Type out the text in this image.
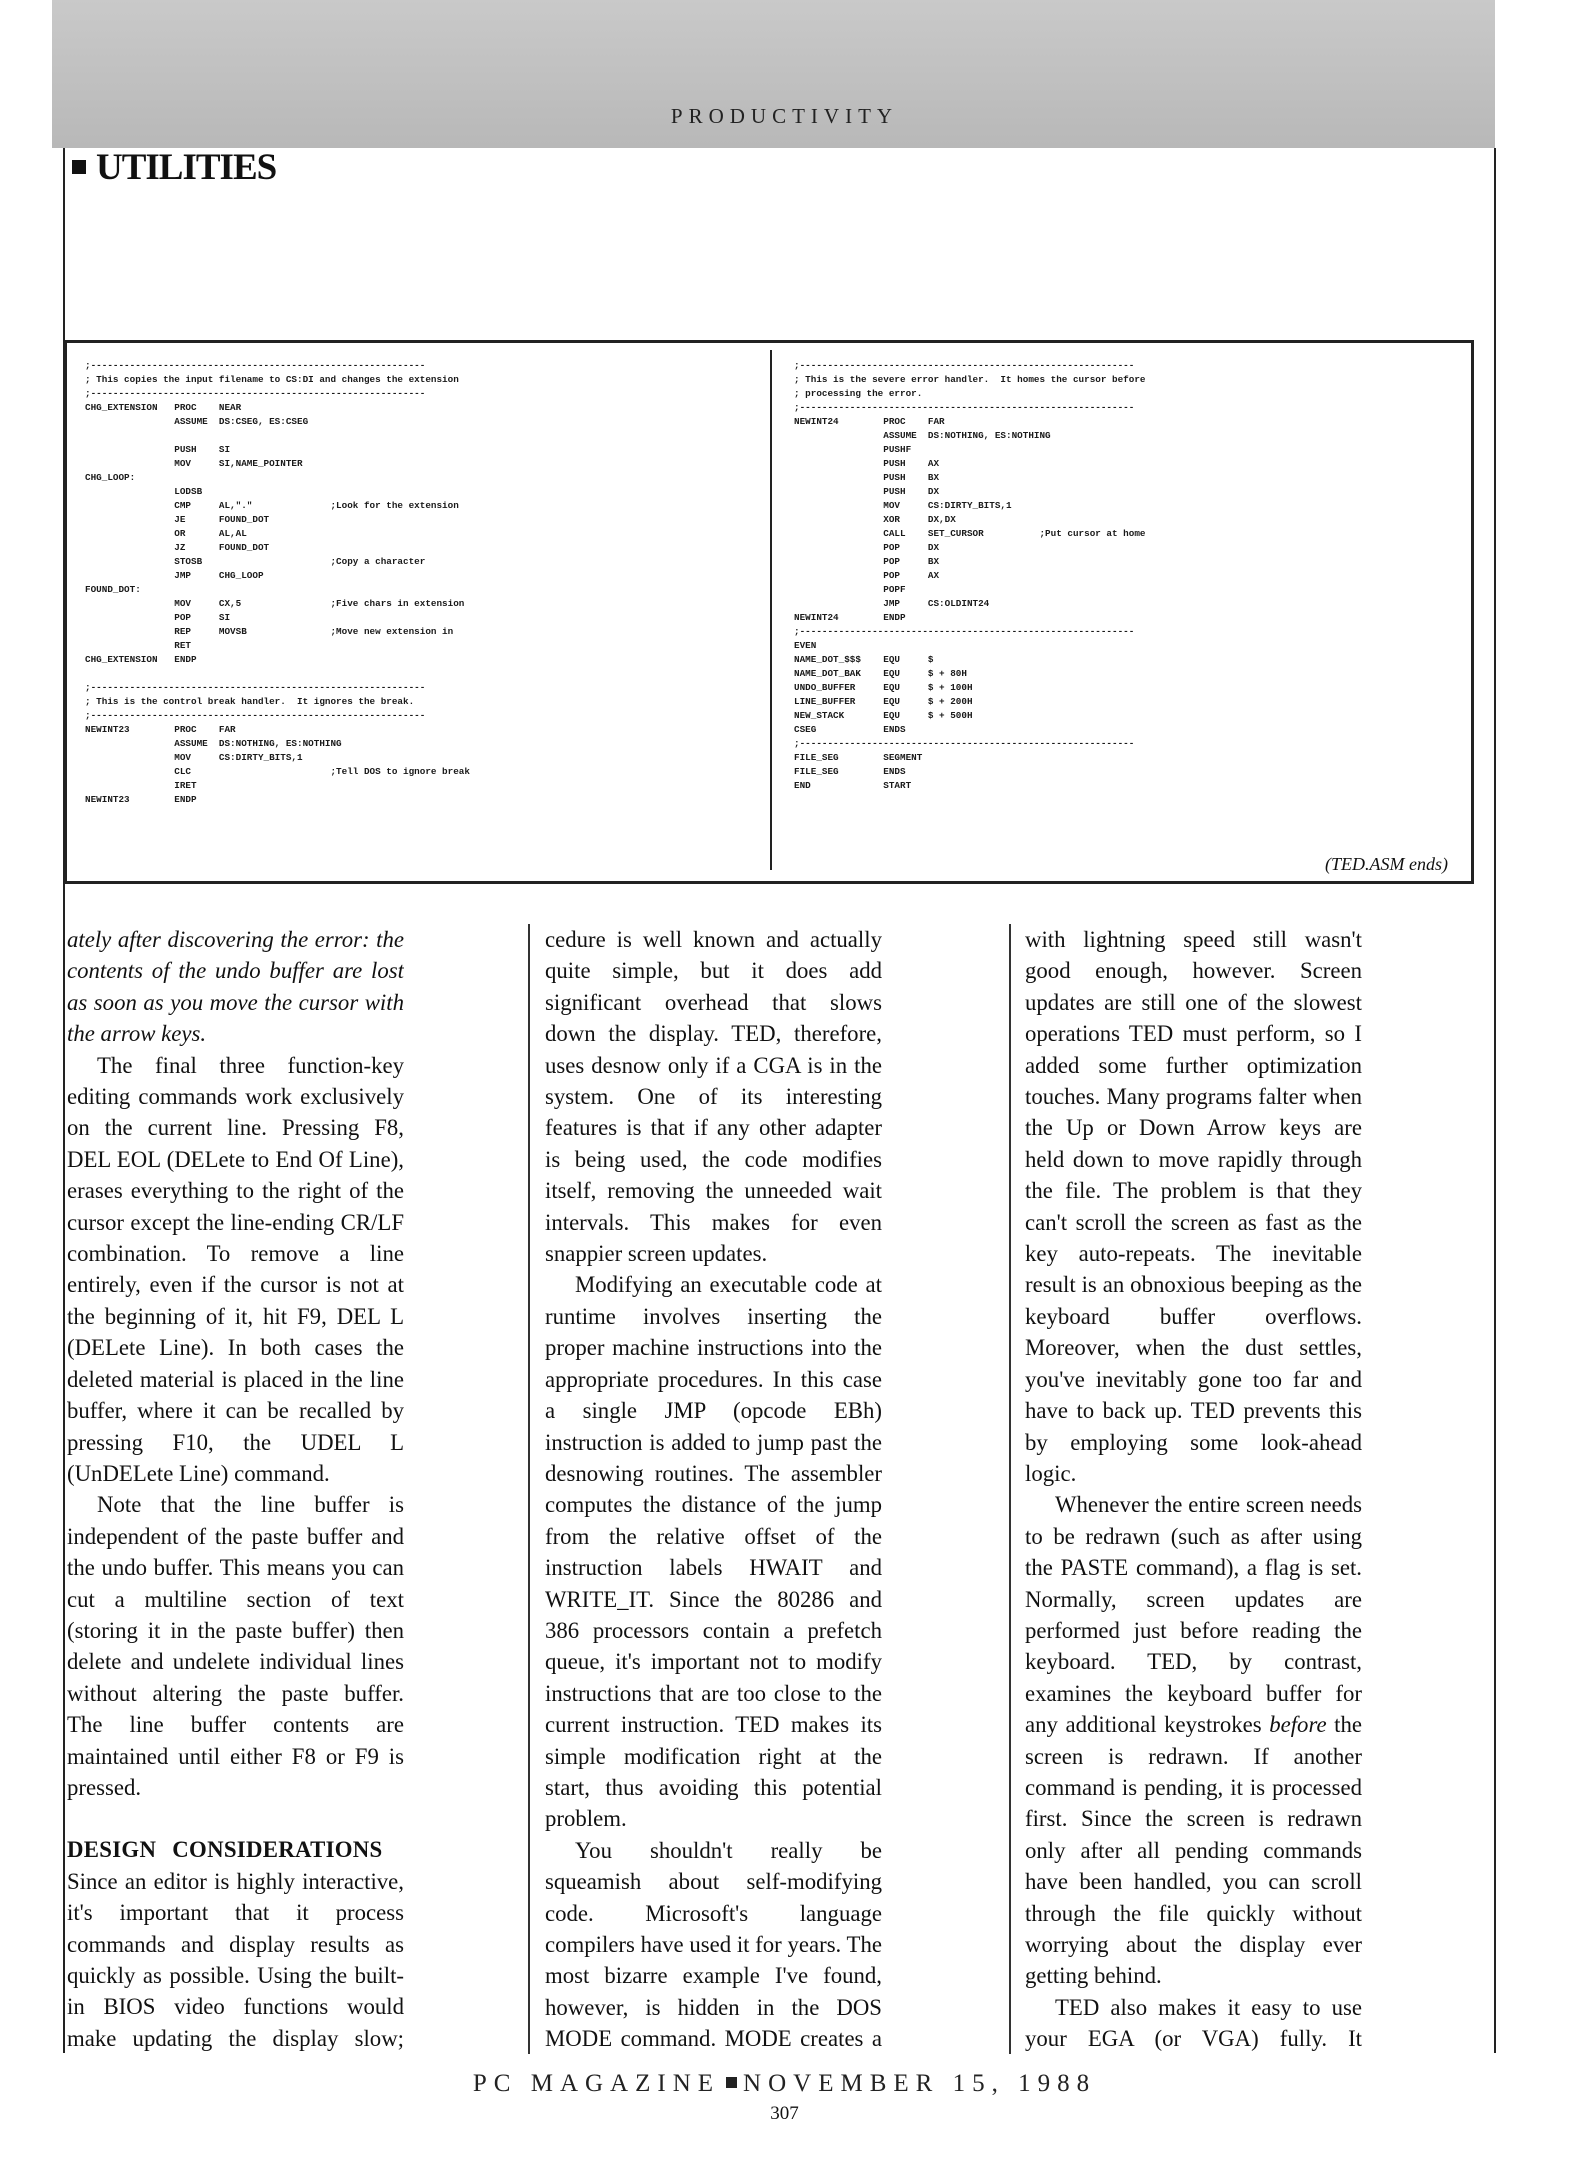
PRODUCTIVITY
UTILITIES
;------------------------------------------------------------
; This copies the input filename to CS:DI and changes the extension
;------------------------------------------------------------
CHG_EXTENSION   PROC    NEAR
ASSUME  DS:CSEG, ES:CSEG

PUSH    SI
MOV     SI,NAME_POINTER
CHG_LOOP:
LODSB
CMP     AL,"."              ;Look for the extension
JE      FOUND_DOT
OR      AL,AL
JZ      FOUND_DOT
STOSB                       ;Copy a character
JMP     CHG_LOOP
FOUND_DOT:
MOV     CX,5                ;Five chars in extension
POP     SI
REP     MOVSB               ;Move new extension in
RET
CHG_EXTENSION   ENDP

;------------------------------------------------------------
; This is the control break handler.  It ignores the break.
;------------------------------------------------------------
NEWINT23        PROC    FAR
ASSUME  DS:NOTHING, ES:NOTHING
MOV     CS:DIRTY_BITS,1
CLC                         ;Tell DOS to ignore break
IRET
NEWINT23        ENDP
;------------------------------------------------------------
; This is the severe error handler.  It homes the cursor before
; processing the error.
;------------------------------------------------------------
NEWINT24        PROC    FAR
ASSUME  DS:NOTHING, ES:NOTHING
PUSHF
PUSH    AX
PUSH    BX
PUSH    DX
MOV     CS:DIRTY_BITS,1
XOR     DX,DX
CALL    SET_CURSOR          ;Put cursor at home
POP     DX
POP     BX
POP     AX
POPF
JMP     CS:OLDINT24
NEWINT24        ENDP
;------------------------------------------------------------
EVEN
NAME_DOT_$$$    EQU     $
NAME_DOT_BAK    EQU     $ + 80H
UNDO_BUFFER     EQU     $ + 100H
LINE_BUFFER     EQU     $ + 200H
NEW_STACK       EQU     $ + 500H
CSEG            ENDS
;------------------------------------------------------------
FILE_SEG        SEGMENT
FILE_SEG        ENDS
END             START
(TED.ASM ends)

ately after discovering the error: the contents of the undo buffer are lost as soon as you move the cursor with the arrow keys.

The final three function-key editing commands work exclusively on the current line. Pressing F8, DEL EOL (DELete to End Of Line), erases everything to the right of the cursor except the line-ending CR/LF combination. To remove a line entirely, even if the cursor is not at the beginning of it, hit F9, DEL L (DELete Line). In both cases the deleted material is placed in the line buffer, where it can be recalled by pressing F10, the UDEL L (UnDELete Line) command.

Note that the line buffer is independent of the paste buffer and the undo buffer. This means you can cut a multiline section of text (storing it in the paste buffer) then delete and undelete individual lines without altering the paste buffer. The line buffer contents are maintained until either F8 or F9 is pressed.

DESIGN CONSIDERATIONS   Since an editor is highly interactive, it's important that it process commands and display results as quickly as possible. Using the built-in BIOS video functions would make updating the display slow;

cedure is well known and actually quite simple, but it does add significant overhead that slows down the display. TED, therefore, uses desnow only if a CGA is in the system. One of its interesting features is that if any other adapter is being used, the code modifies itself, removing the unneeded wait intervals. This makes for even snappier screen updates.

Modifying an executable code at runtime involves inserting the proper machine instructions into the appropriate procedures. In this case a single JMP (opcode EBh) instruction is added to jump past the desnowing routines. The assembler computes the distance of the jump from the relative offset of the instruction labels HWAIT and WRITE_IT. Since the 80286 and 386 processors contain a prefetch queue, it's important not to modify instructions that are too close to the current instruction. TED makes its simple modification right at the start, thus avoiding this potential problem.

You shouldn't really be squeamish about self-modifying code. Microsoft's language compilers have used it for years. The most bizarre example I've found, however, is hidden in the DOS MODE command. MODE creates a

with lightning speed still wasn't good enough, however. Screen updates are still one of the slowest operations TED must perform, so I added some further optimization touches. Many programs falter when the Up or Down Arrow keys are held down to move rapidly through the file. The problem is that they can't scroll the screen as fast as the key auto-repeats. The inevitable result is an obnoxious beeping as the keyboard buffer overflows. Moreover, when the dust settles, you've inevitably gone too far and have to back up. TED prevents this by employing some look-ahead logic.

Whenever the entire screen needs to be redrawn (such as after using the PASTE command), a flag is set. Normally, screen updates are performed just before reading the keyboard. TED, by contrast, examines the keyboard buffer for any additional keystrokes before the screen is redrawn. If another command is pending, it is processed first. Since the screen is redrawn only after all pending commands have been handled, you can scroll through the file quickly without worrying about the display ever getting behind.

TED also makes it easy to use your EGA (or VGA) fully. It

PC MAGAZINE NOVEMBER 15, 1988
307
